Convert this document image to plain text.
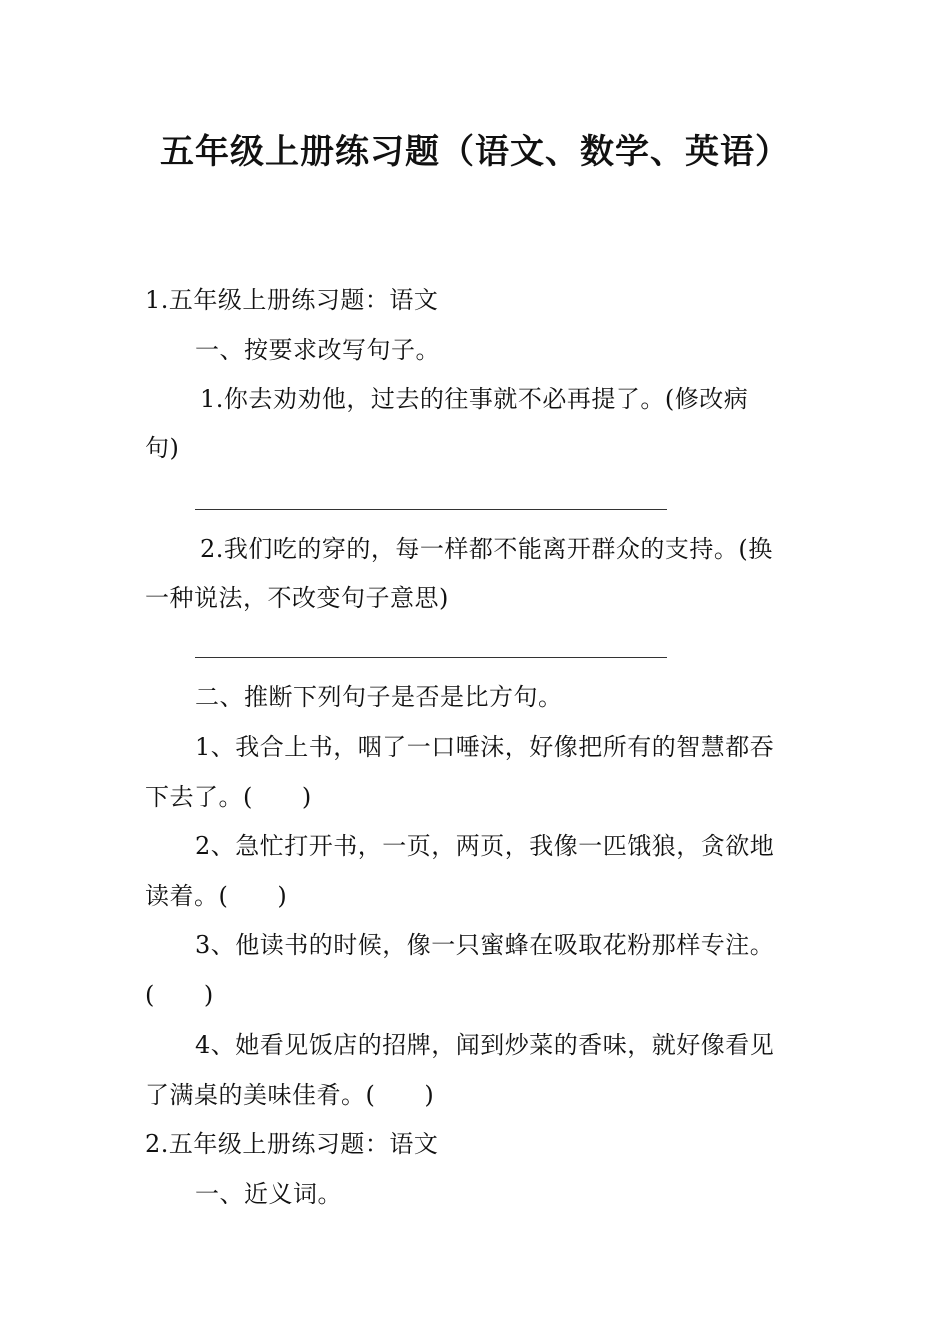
五年级上册练习题（语文、数学、英语）
1.五年级上册练习题：语文
一、按要求改写句子。
1.你去劝劝他，过去的往事就不必再提了。(修改病
句)
2.我们吃的穿的，每一样都不能离开群众的支持。(换
一种说法，不改变句子意思)
二、推断下列句子是否是比方句。
1、我合上书，咽了一口唾沫，好像把所有的智慧都吞
下去了。(　　)
2、急忙打开书，一页，两页，我像一匹饿狼，贪欲地
读着。(　　)
3、他读书的时候，像一只蜜蜂在吸取花粉那样专注。
(　　)
4、她看见饭店的招牌，闻到炒菜的香味，就好像看见
了满桌的美味佳肴。(　　)
2.五年级上册练习题：语文
一、近义词。
